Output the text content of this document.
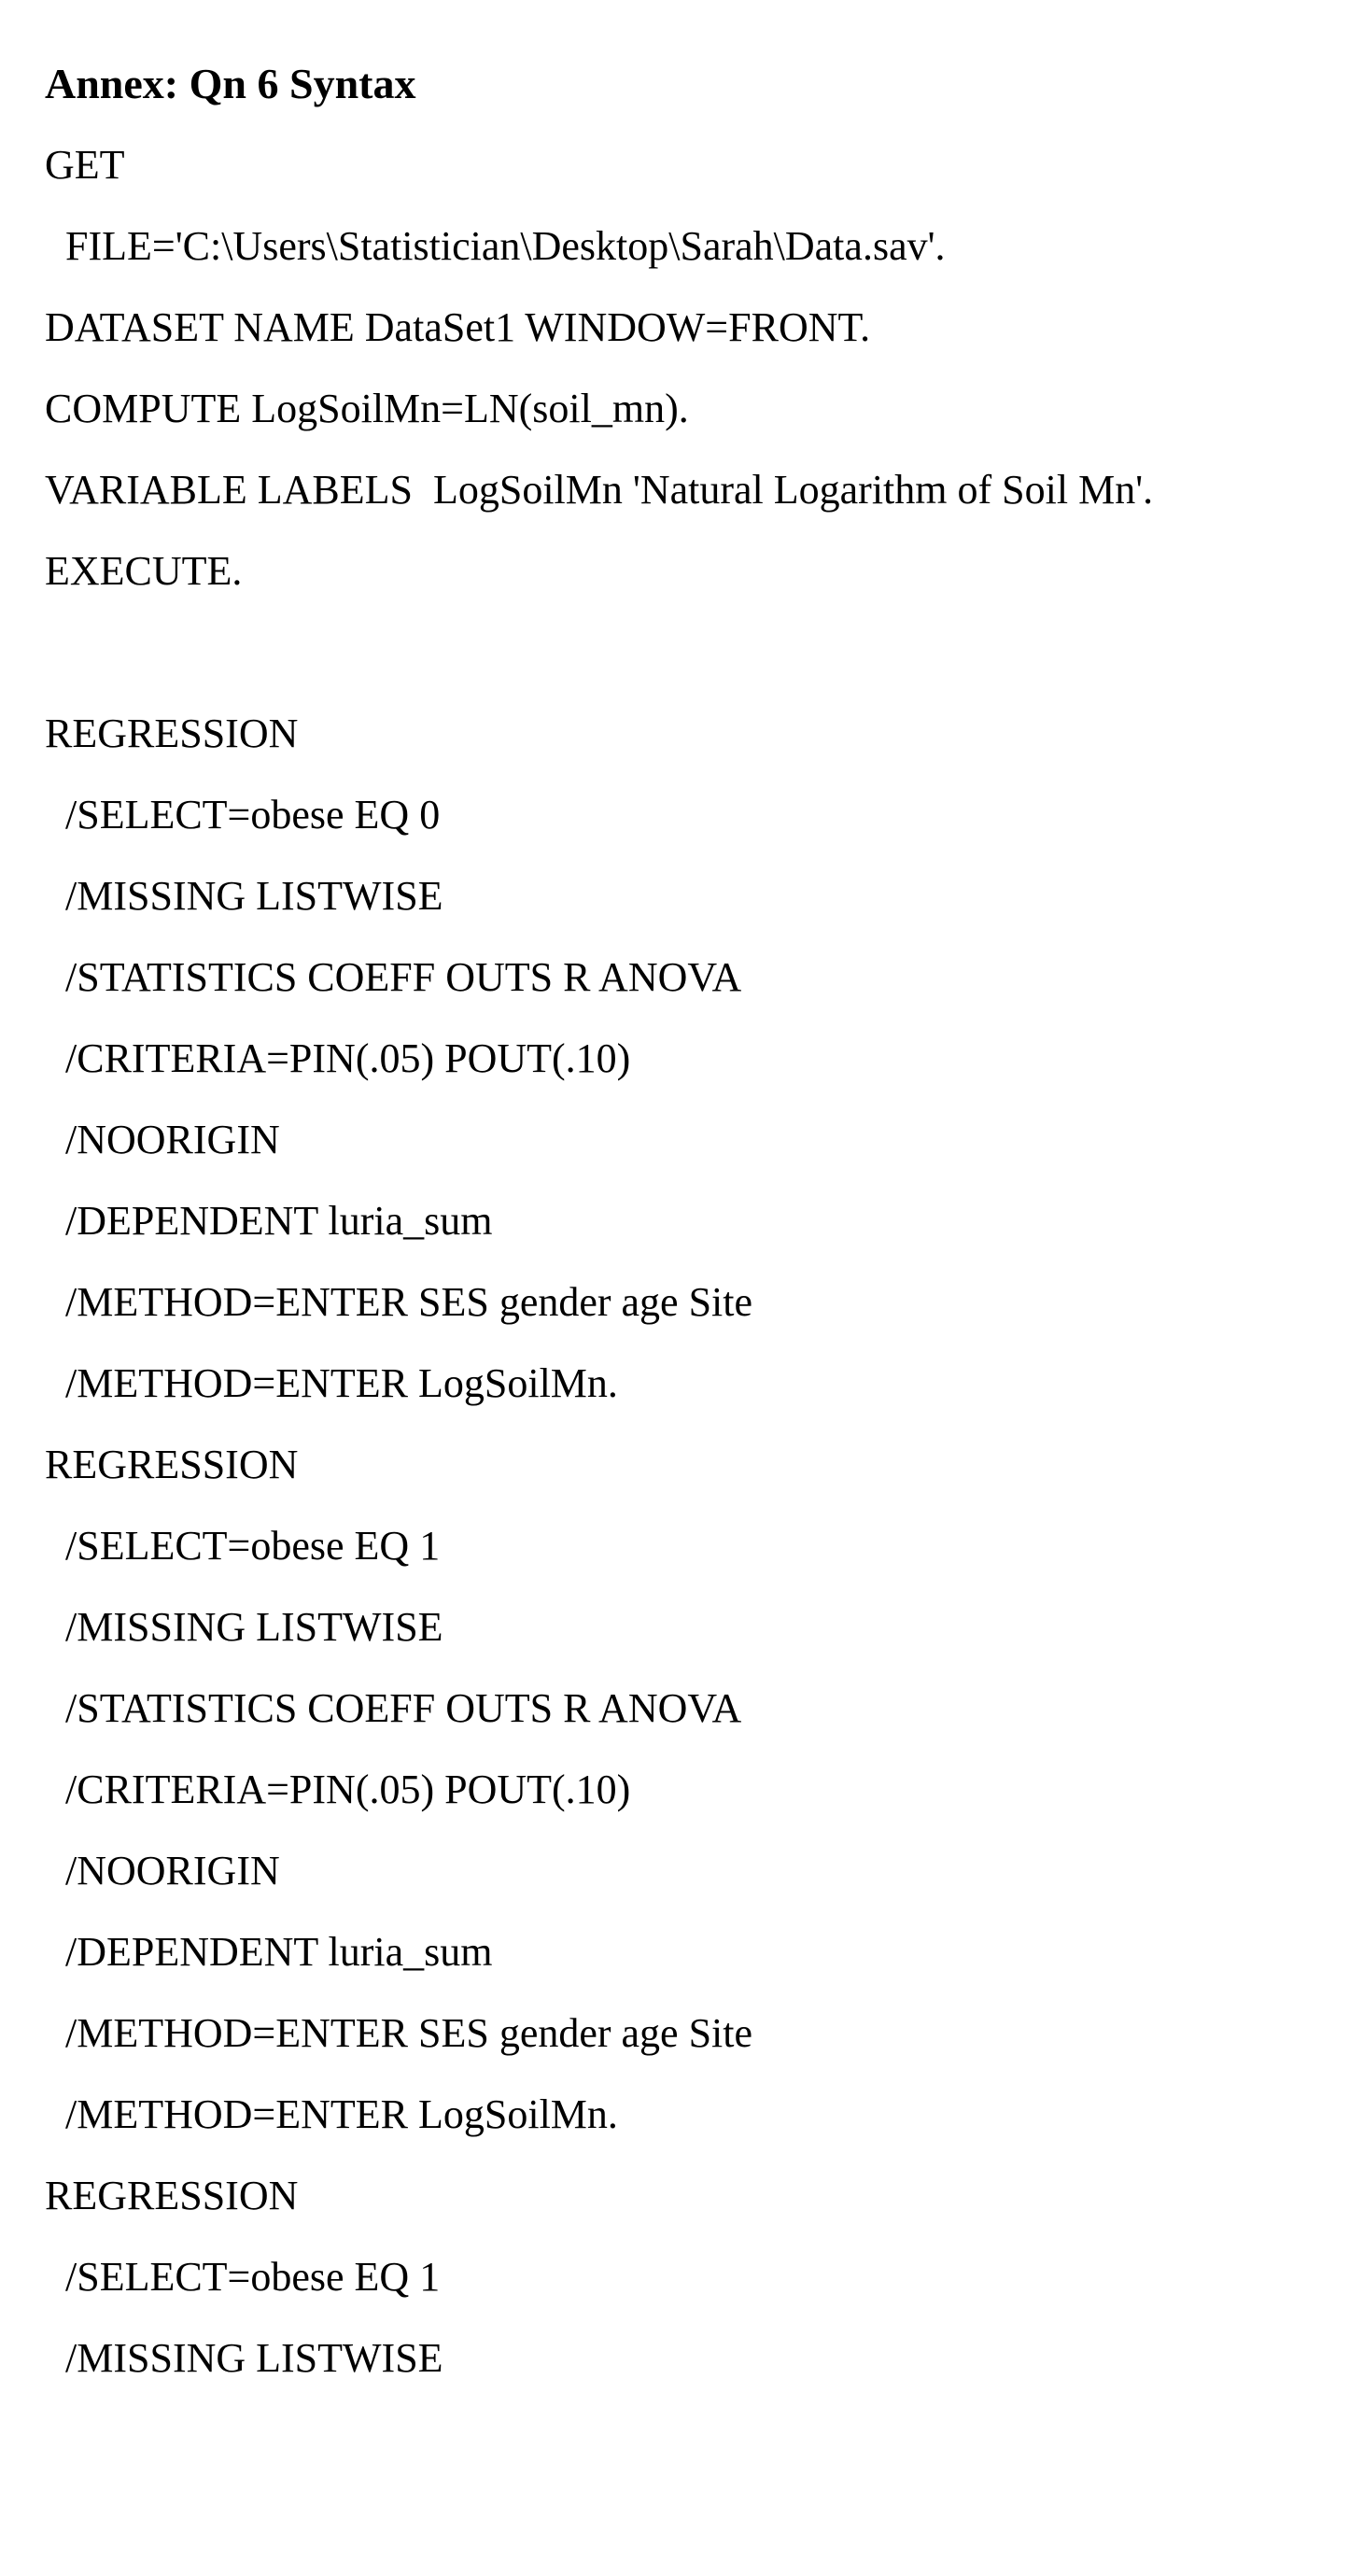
Annex: Qn 6 Syntax
GET
FILE='C:\Users\Statistician\Desktop\Sarah\Data.sav'.
DATASET NAME DataSet1 WINDOW=FRONT.
COMPUTE LogSoilMn=LN(soil_mn).
VARIABLE LABELS  LogSoilMn 'Natural Logarithm of Soil Mn'.
EXECUTE.
REGRESSION
/SELECT=obese EQ 0
/MISSING LISTWISE
/STATISTICS COEFF OUTS R ANOVA
/CRITERIA=PIN(.05) POUT(.10)
/NOORIGIN
/DEPENDENT luria_sum
/METHOD=ENTER SES gender age Site
/METHOD=ENTER LogSoilMn.
REGRESSION
/SELECT=obese EQ 1
/MISSING LISTWISE
/STATISTICS COEFF OUTS R ANOVA
/CRITERIA=PIN(.05) POUT(.10)
/NOORIGIN
/DEPENDENT luria_sum
/METHOD=ENTER SES gender age Site
/METHOD=ENTER LogSoilMn.
REGRESSION
/SELECT=obese EQ 1
/MISSING LISTWISE
